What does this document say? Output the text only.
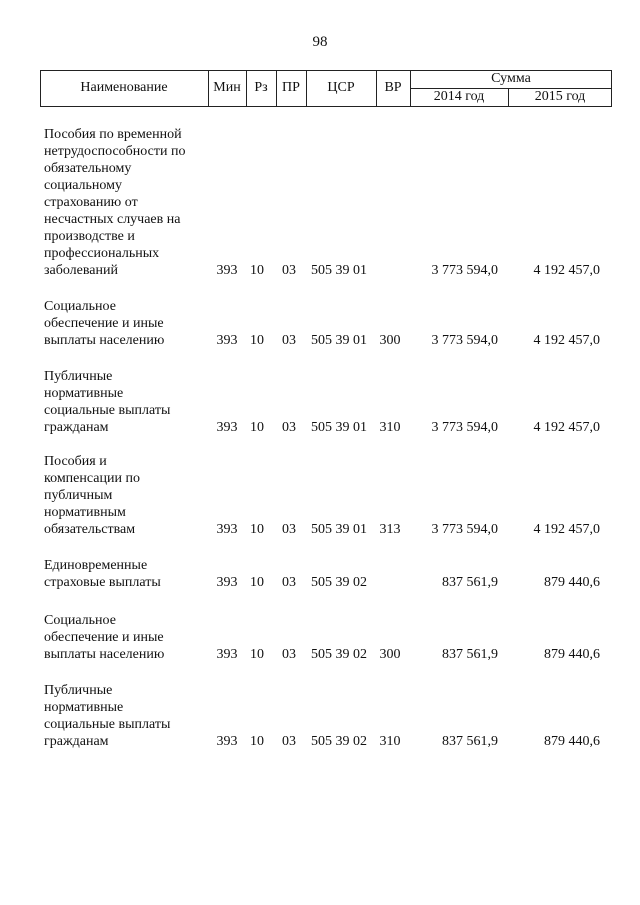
98
Наименование	Мин Рз	ПР	ЦСР	ВР
Сумма
2014 год	2015 год
Пособия по временной
нетрудоспособности по
обязательному
социальному
страхованию от
несчастных случаев на
производстве и
профессиональных
заболеваний	393 10 03	505 39 01	3 773 594,0	4 192 457,0
Социальное
обеспечение и иные
выплаты населению	393 10 03	505 39 01 300	3 773 594,0	4 192 457,0
Публичные
нормативные
социальные выплаты
гражданам	393 10 03	505 39 01 310	3 773 594,0	4 192 457,0
Пособия и
компенсации по
публичным
нормативным
обязательствам	393 10 03	505 39 01 313	3 773 594,0	4 192 457,0
Единовременные
страховые выплаты	393 10 03	505 39 02	837 561,9	879 440,6
Социальное
обеспечение и иные
выплаты населению	393 10 03	505 39 02 300	837 561,9	879 440,6
Публичные
нормативные
социальные выплаты
гражданам	393 10 03	505 39 02 310	837 561,9	879 440,6
